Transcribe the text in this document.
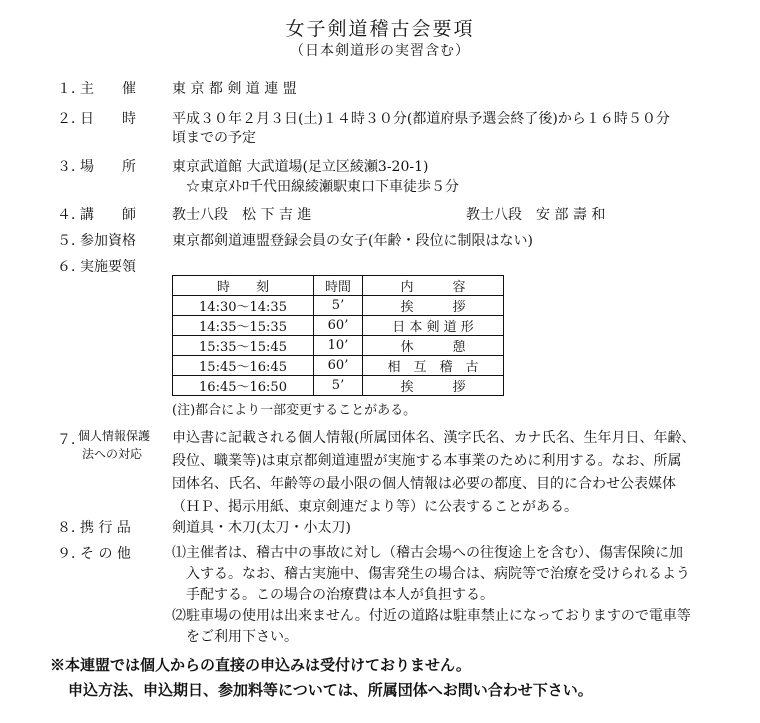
女子剣道稽古会要項
（日本剣道形の実習含む）
１．
主　　催	東 京 都 剣 道 連 盟
２．
日　　時	平成３０年２月３日(土)１４時３０分(都道府県予選会終了後)から１６時５０分
頃までの予定
３．
場　　所	東京武道館 大武道場(足立区綾瀬3-20-1)
☆東京ﾒﾄﾛ千代田線綾瀬駅東口下車徒歩５分
４．
講　　師	教士八段　松 下 吉 進	教士八段　安 部 壽 和
５．
参加資格	東京都剣道連盟登録会員の女子(年齢・段位に制限はない)
６．
実施要領
時　　刻	時間	内　　　容
14:30～14:35	5’	挨　　　拶
14:35～15:35	60’	日 本 剣 道 形
15:35～15:45	10’	休　　　憩
15:45～16:45	60’	相　互　稽　古
16:45～16:50	5’	挨　　　拶
(注)都合により一部変更することがある。
７．
個人情報保護
法への対応
申込書に記載される個人情報(所属団体名、漢字氏名、カナ氏名、生年月日、年齢、
段位、職業等)は東京都剣道連盟が実施する本事業のために利用する。なお、所属
団体名、氏名、年齢等の最小限の個人情報は必要の都度、目的に合わせ公表媒体
（ＨＰ、掲示用紙、東京剣連だより等）に公表することがある。
８．
携 行 品	剣道具・木刀(太刀・小太刀)
９．
そ の 他	⑴主催者は、稽古中の事故に対し（稽古会場への往復途上を含む）、傷害保険に加
　入する。なお、稽古実施中、傷害発生の場合は、病院等で治療を受けられるよう
　手配する。この場合の治療費は本人が負担する。
⑵駐車場の使用は出来ません。付近の道路は駐車禁止になっておりますので電車等
　をご利用下さい。
※本連盟では個人からの直接の申込みは受付けておりません。
申込方法、申込期日、参加料等については、所属団体へお問い合わせ下さい。
